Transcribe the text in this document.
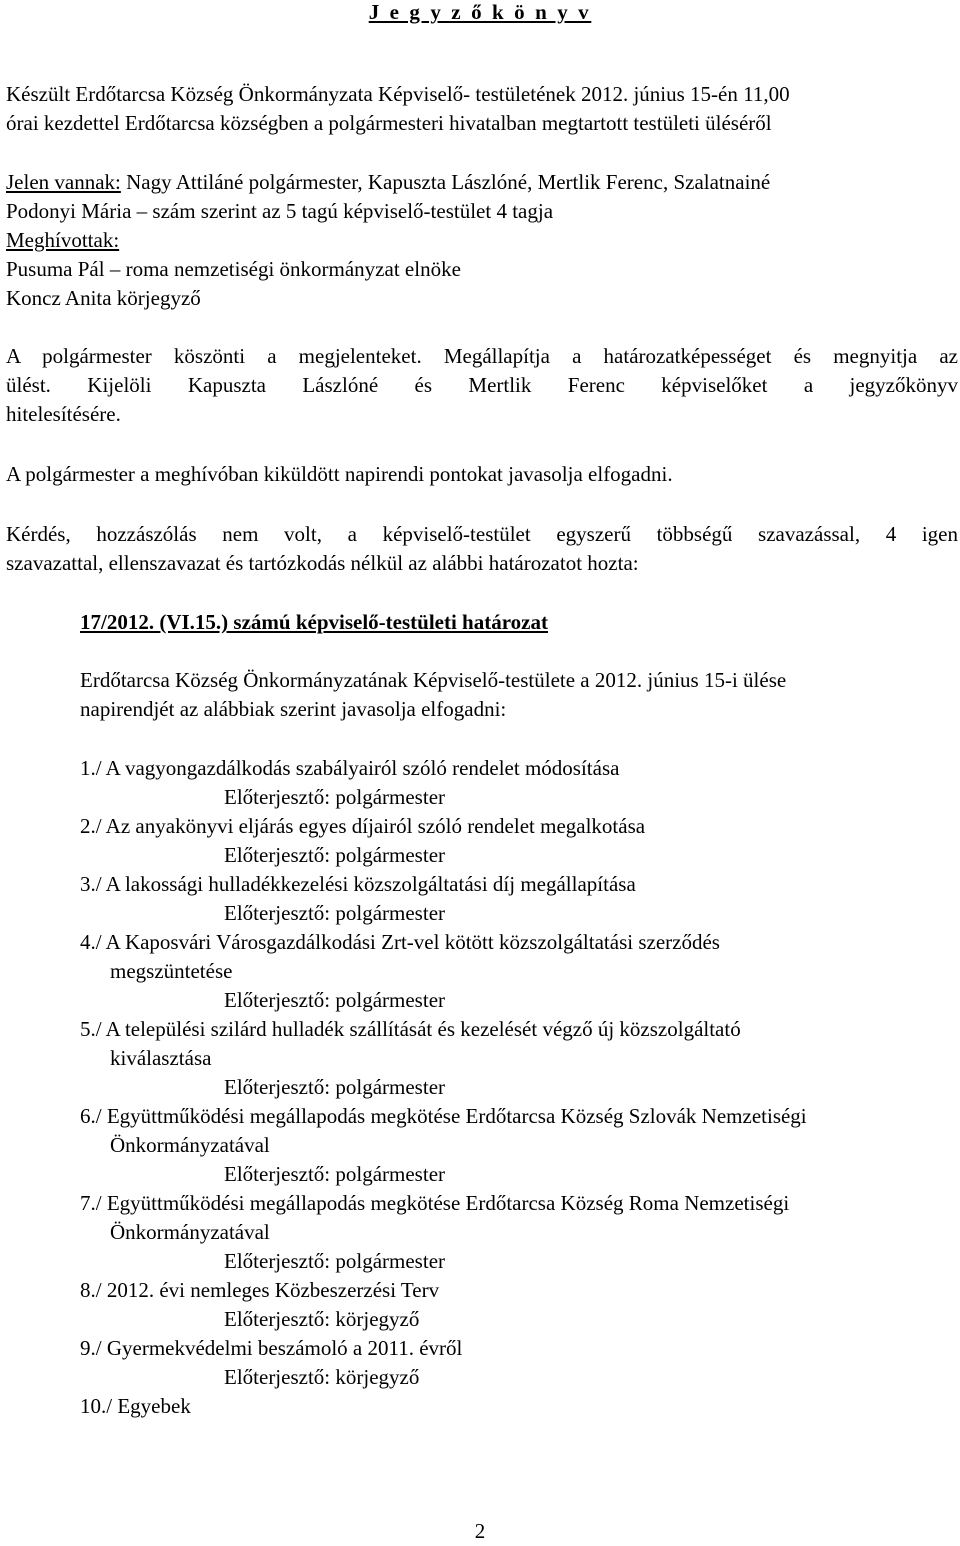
J e g y z ő k ö n y v
Készült Erdőtarcsa Község Önkormányzata Képviselő- testületének 2012. június 15-én 11,00
órai kezdettel Erdőtarcsa községben a polgármesteri hivatalban megtartott testületi üléséről
Jelen vannak: Nagy Attiláné polgármester, Kapuszta Lászlóné, Mertlik Ferenc, Szalatnainé
Podonyi Mária – szám szerint az 5 tagú képviselő-testület 4 tagja
Meghívottak:
Pusuma Pál – roma nemzetiségi önkormányzat elnöke
Koncz Anita körjegyző
A polgármester köszönti a megjelenteket. Megállapítja a határozatképességet és megnyitja az
ülést. Kijelöli Kapuszta Lászlóné és Mertlik Ferenc képviselőket a jegyzőkönyv
hitelesítésére.
A polgármester a meghívóban kiküldött napirendi pontokat javasolja elfogadni.
Kérdés, hozzászólás nem volt, a képviselő-testület egyszerű többségű szavazással, 4 igen
szavazattal, ellenszavazat és tartózkodás nélkül az alábbi határozatot hozta:
17/2012. (VI.15.) számú képviselő-testületi határozat
Erdőtarcsa Község Önkormányzatának Képviselő-testülete a 2012. június 15-i ülése
napirendjét az alábbiak szerint javasolja elfogadni:
1./ A vagyongazdálkodás szabályairól szóló rendelet módosítása
Előterjesztő: polgármester
2./ Az anyakönyvi eljárás egyes díjairól szóló rendelet megalkotása
Előterjesztő: polgármester
3./ A lakossági hulladékkezelési közszolgáltatási díj megállapítása
Előterjesztő: polgármester
4./ A Kaposvári Városgazdálkodási Zrt-vel kötött közszolgáltatási szerződés
megszüntetése
Előterjesztő: polgármester
5./ A települési szilárd hulladék szállítását és kezelését végző új közszolgáltató
kiválasztása
Előterjesztő: polgármester
6./ Együttműködési megállapodás megkötése Erdőtarcsa Község Szlovák Nemzetiségi
Önkormányzatával
Előterjesztő: polgármester
7./ Együttműködési megállapodás megkötése Erdőtarcsa Község Roma Nemzetiségi
Önkormányzatával
Előterjesztő: polgármester
8./ 2012. évi nemleges Közbeszerzési Terv
Előterjesztő: körjegyző
9./ Gyermekvédelmi beszámoló a 2011. évről
Előterjesztő: körjegyző
10./ Egyebek
2
